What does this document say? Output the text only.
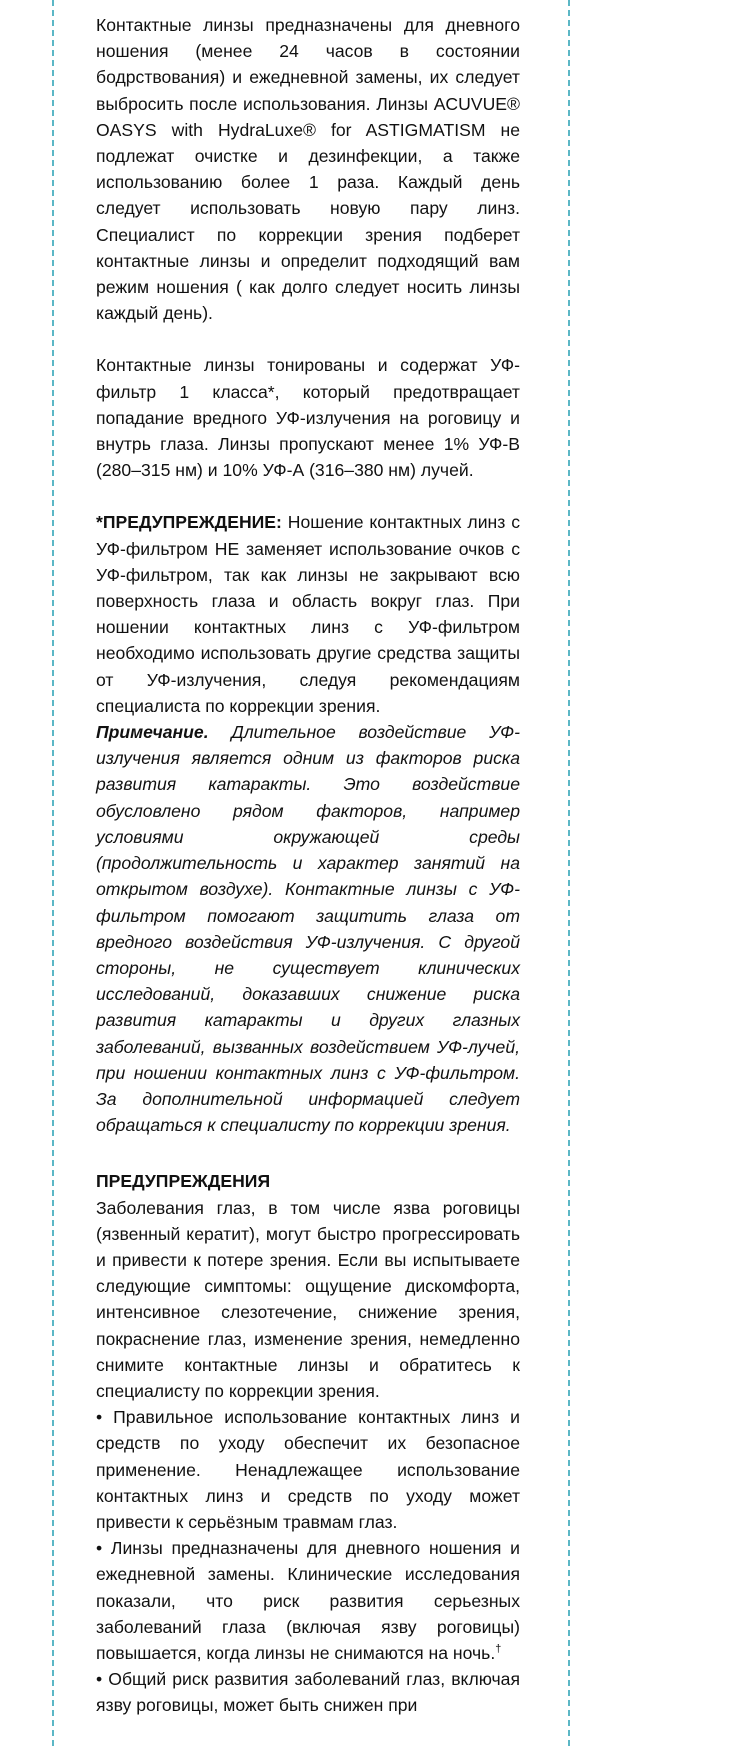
Контактные линзы предназначены для дневного ношения (менее 24 часов в состоянии бодрствования) и ежедневной замены, их следует выбросить после использования. Линзы ACUVUE® OASYS with HydraLuxe® for ASTIGMATISM не подлежат очистке и дезинфекции, а также использованию более 1 раза. Каждый день следует использовать новую пару линз. Специалист по коррекции зрения подберет контактные линзы и определит подходящий вам режим ношения ( как долго следует носить линзы каждый день).

Контактные линзы тонированы и содержат УФ-фильтр 1 класса*, который предотвращает попадание вредного УФ-излучения на роговицу и внутрь глаза. Линзы пропускают менее 1% УФ-В (280–315 нм) и 10% УФ-А (316–380 нм) лучей.

*ПРЕДУПРЕЖДЕНИЕ: Ношение контактных линз с УФ-фильтром НЕ заменяет использование очков с УФ-фильтром, так как линзы не закрывают всю поверхность глаза и область вокруг глаз. При ношении контактных линз с УФ-фильтром необходимо использовать другие средства защиты от УФ-излучения, следуя рекомендациям специалиста по коррекции зрения.

Примечание. Длительное воздействие УФ-излучения является одним из факторов риска развития катаракты. Это воздействие обусловлено рядом факторов, например условиями окружающей среды (продолжительность и характер занятий на открытом воздухе). Контактные линзы с УФ-фильтром помогают защитить глаза от вредного воздействия УФ-излучения. С другой стороны, не существует клинических исследований, доказавших снижение риска развития катаракты и других глазных заболеваний, вызванных воздействием УФ-лучей, при ношении контактных линз с УФ-фильтром. За дополнительной информацией следует обращаться к специалисту по коррекции зрения.

ПРЕДУПРЕЖДЕНИЯ

Заболевания глаз, в том числе язва роговицы (язвенный кератит), могут быстро прогрессировать и привести к потере зрения. Если вы испытываете следующие симптомы: ощущение дискомфорта, интенсивное слезотечение, снижение зрения, покраснение глаз, изменение зрения, немедленно снимите контактные линзы и обратитесь к специалисту по коррекции зрения.

• Правильное использование контактных линз и средств по уходу обеспечит их безопасное применение. Ненадлежащее использование контактных линз и средств по уходу может привести к серьёзным травмам глаз.

• Линзы предназначены для дневного ношения и ежедневной замены. Клинические исследования показали, что риск развития серьезных заболеваний глаза (включая язву роговицы) повышается, когда линзы не снимаются на ночь.†

• Общий риск развития заболеваний глаз, включая язву роговицы, может быть снижен при
